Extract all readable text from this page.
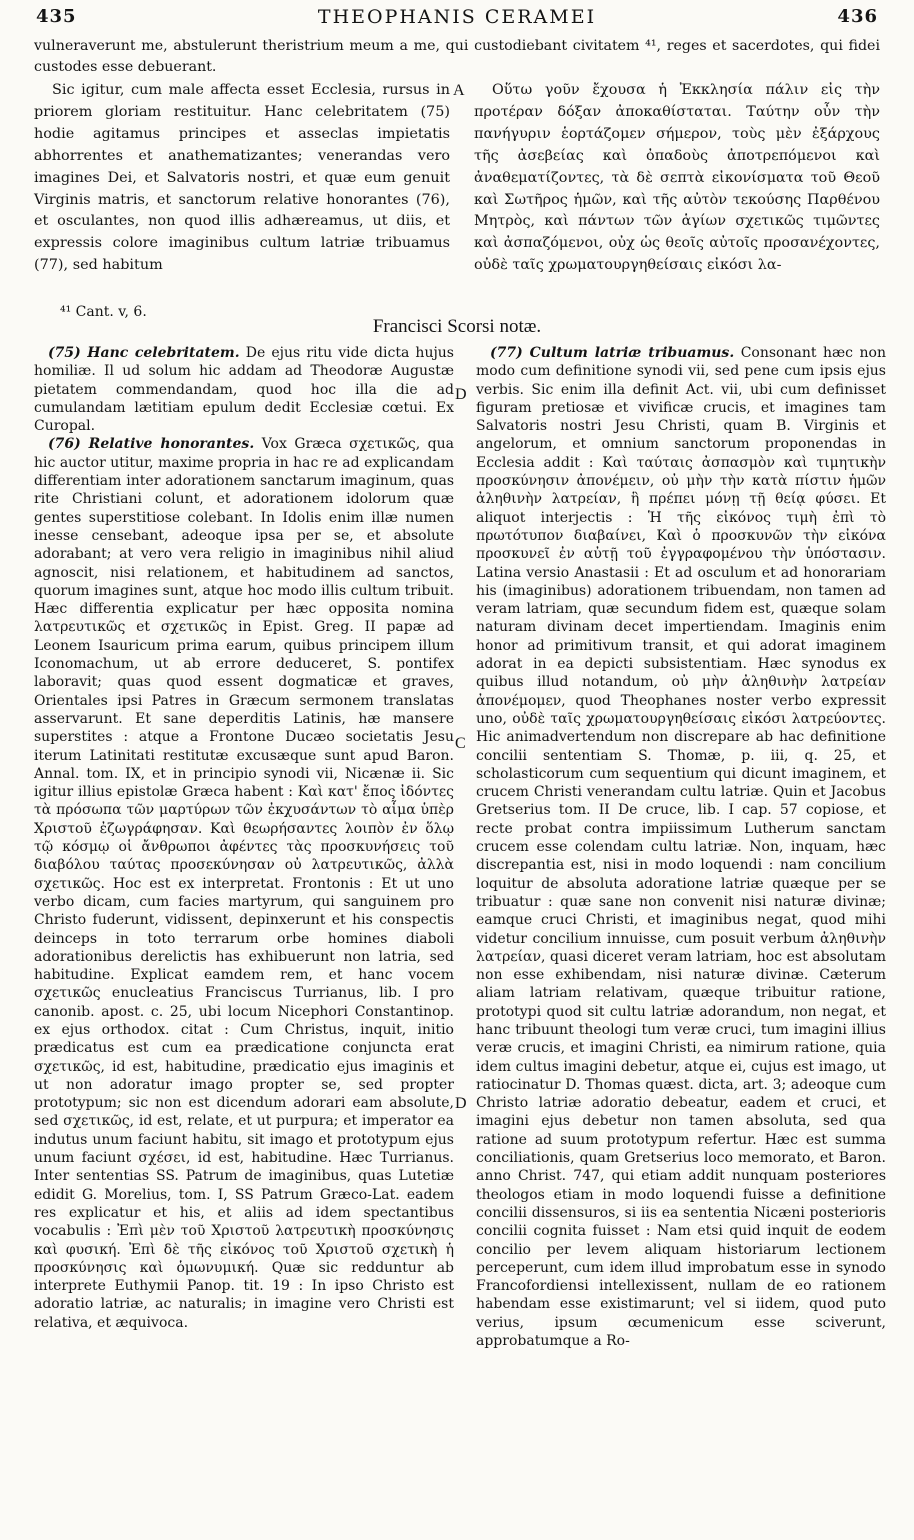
435	THEOPHANIS CERAMEI	436
vulneraverunt me, abstulerunt theristrium meum a me, qui custodiebant civitatem ⁴¹, reges et sacerdotes, qui fidei custodes esse debuerant.

Sic igitur, cum male affecta esset Ecclesia, rursus in priorem gloriam restituitur. Hanc celebritatem (75) hodie agitamus principes et asseclas impietatis abhorrentes et anathematizantes; venerandas vero imagines Dei, et Salvatoris nostri, et quæ eum genuit Virginis matris, et sanctorum relative honorantes (76), et osculantes, non quod illis adhæreamus, ut diis, et expressis colore imaginibus cultum latriæ tribuamus (77), sed habitum

A	Οὕτω γοῦν ἔχουσα ἡ Ἐκκλησία πάλιν εἰς τὴν προτέραν δόξαν ἀποκαθίσταται. Ταύτην οὖν τὴν πανήγυριν ἑορτάζομεν σήμερον, τοὺς μὲν ἐξάρχους τῆς ἀσεβείας καὶ ὀπαδοὺς ἀποτρεπόμενοι καὶ ἀναθεματίζοντες, τὰ δὲ σεπτὰ εἰκονίσματα τοῦ Θεοῦ καὶ Σωτῆρος ἡμῶν, καὶ τῆς αὐτὸν τεκούσης Παρθένου Μητρὸς, καὶ πάντων τῶν ἁγίων σχετικῶς τιμῶντες καὶ ἀσπαζόμενοι, οὐχ ὡς θεοῖς αὐτοῖς προσανέχοντες, οὐδὲ ταῖς χρωματουργηθείσαις εἰκόσι λα-

⁴¹ Cant. v, 6.
Francisci Scorsi notæ.
D
C
D

(75) Hanc celebritatem. De ejus ritu vide dicta hujus homiliæ. Il ud solum hic addam ad Theodoræ Augustæ pietatem commendandam, quod hoc illa die ad cumulandam lætitiam epulum dedit Ecclesiæ cœtui. Ex Curopal.

(76) Relative honorantes. Vox Græca σχετικῶς, qua hic auctor utitur, maxime propria in hac re ad explicandam differentiam inter adorationem sanctarum imaginum, quas rite Christiani colunt, et adorationem idolorum quæ gentes superstitiose colebant. In Idolis enim illæ numen inesse censebant, adeoque ipsa per se, et absolute adorabant; at vero vera religio in imaginibus nihil aliud agnoscit, nisi relationem, et habitudinem ad sanctos, quorum imagines sunt, atque hoc modo illis cultum tribuit. Hæc differentia explicatur per hæc opposita nomina λατρευτικῶς et σχετικῶς in Epist. Greg. II papæ ad Leonem Isauricum prima earum, quibus principem illum Iconomachum, ut ab errore deduceret, S. pontifex laboravit; quas quod essent dogmaticæ et graves, Orientales ipsi Patres in Græcum sermonem translatas asservarunt. Et sane deperditis Latinis, hæ mansere superstites : atque a Frontone Ducæo societatis Jesu iterum Latinitati restitutæ excusæque sunt apud Baron. Annal. tom. IX, et in principio synodi vii, Nicænæ ii. Sic igitur illius epistolæ Græca habent : Καὶ κατ' ἔπος ἰδόντες τὰ πρόσωπα τῶν μαρτύρων τῶν ἐκχυσάντων τὸ αἷμα ὑπὲρ Χριστοῦ ἐζωγράφησαν. Καὶ θεωρήσαντες λοιπὸν ἐν ὅλῳ τῷ κόσμῳ οἱ ἄνθρωποι ἀφέντες τὰς προσκυνήσεις τοῦ διαβόλου ταύτας προσεκύνησαν οὐ λατρευτικῶς, ἀλλὰ σχετικῶς. Hoc est ex interpretat. Frontonis : Et ut uno verbo dicam, cum facies martyrum, qui sanguinem pro Christo fuderunt, vidissent, depinxerunt et his conspectis deinceps in toto terrarum orbe homines diaboli adorationibus derelictis has exhibuerunt non latria, sed habitudine. Explicat eamdem rem, et hanc vocem σχετικῶς enucleatius Franciscus Turrianus, lib. I pro canonib. apost. c. 25, ubi locum Nicephori Constantinop. ex ejus orthodox. citat : Cum Christus, inquit, initio prædicatus est cum ea prædicatione conjuncta erat σχετικῶς, id est, habitudine, prædicatio ejus imaginis et ut non adoratur imago propter se, sed propter prototypum; sic non est dicendum adorari eam absolute, sed σχετικῶς, id est, relate, et ut purpura; et imperator ea indutus unum faciunt habitu, sit imago et prototypum ejus unum faciunt σχέσει, id est, habitudine. Hæc Turrianus. Inter sententias SS. Patrum de imaginibus, quas Lutetiæ edidit G. Morelius, tom. I, SS Patrum Græco-Lat. eadem res explicatur et his, et aliis ad idem spectantibus vocabulis : Ἐπὶ μὲν τοῦ Χριστοῦ λατρευτικὴ προσκύνησις καὶ φυσική. Ἐπὶ δὲ τῆς εἰκόνος τοῦ Χριστοῦ σχετικὴ ἡ προσκύνησις καὶ ὁμωνυμική. Quæ sic redduntur ab interprete Euthymii Panop. tit. 19 : In ipso Christo est adoratio latriæ, ac naturalis; in imagine vero Christi est relativa, et æquivoca.

(77) Cultum latriæ tribuamus. Consonant hæc non modo cum definitione synodi vii, sed pene cum ipsis ejus verbis. Sic enim illa definit Act. vii, ubi cum definisset figuram pretiosæ et vivificæ crucis, et imagines tam Salvatoris nostri Jesu Christi, quam B. Virginis et angelorum, et omnium sanctorum proponendas in Ecclesia addit : Καὶ ταύταις ἀσπασμὸν καὶ τιμητικὴν προσκύνησιν ἀπονέμειν, οὐ μὴν τὴν κατὰ πίστιν ἡμῶν ἀληθινὴν λατρείαν, ἣ πρέπει μόνῃ τῇ θείᾳ φύσει. Et aliquot interjectis : Ἡ τῆς εἰκόνος τιμὴ ἐπὶ τὸ πρωτότυπον διαβαίνει, Καὶ ὁ προσκυνῶν τὴν εἰκόνα προσκυνεῖ ἐν αὐτῇ τοῦ ἐγγραφομένου τὴν ὑπόστασιν. Latina versio Anastasii : Et ad osculum et ad honorariam his (imaginibus) adorationem tribuendam, non tamen ad veram latriam, quæ secundum fidem est, quæque solam naturam divinam decet impertiendam. Imaginis enim honor ad primitivum transit, et qui adorat imaginem adorat in ea depicti subsistentiam. Hæc synodus ex quibus illud notandum, οὐ μὴν ἀληθινὴν λατρείαν ἀπονέμομεν, quod Theophanes noster verbo expressit uno, οὐδὲ ταῖς χρωματουργηθείσαις εἰκόσι λατρεύοντες. Hic animadvertendum non discrepare ab hac definitione concilii sententiam S. Thomæ, p. iii, q. 25, et scholasticorum cum sequentium qui dicunt imaginem, et crucem Christi venerandam cultu latriæ. Quin et Jacobus Gretserius tom. II De cruce, lib. I cap. 57 copiose, et recte probat contra impiissimum Lutherum sanctam crucem esse colendam cultu latriæ. Non, inquam, hæc discrepantia est, nisi in modo loquendi : nam concilium loquitur de absoluta adoratione latriæ quæque per se tribuatur : quæ sane non convenit nisi naturæ divinæ; eamque cruci Christi, et imaginibus negat, quod mihi videtur concilium innuisse, cum posuit verbum ἀληθινὴν λατρείαν, quasi diceret veram latriam, hoc est absolutam non esse exhibendam, nisi naturæ divinæ. Cæterum aliam latriam relativam, quæque tribuitur ratione, prototypi quod sit cultu latriæ adorandum, non negat, et hanc tribuunt theologi tum veræ cruci, tum imagini illius veræ crucis, et imagini Christi, ea nimirum ratione, quia idem cultus imagini debetur, atque ei, cujus est imago, ut ratiocinatur D. Thomas quæst. dicta, art. 3; adeoque cum Christo latriæ adoratio debeatur, eadem et cruci, et imagini ejus debetur non tamen absoluta, sed qua ratione ad suum prototypum refertur. Hæc est summa conciliationis, quam Gretserius loco memorato, et Baron. anno Christ. 747, qui etiam addit nunquam posteriores theologos etiam in modo loquendi fuisse a definitione concilii dissensuros, si iis ea sententia Nicæni posterioris concilii cognita fuisset : Nam etsi quid inquit de eodem concilio per levem aliquam historiarum lectionem perceperunt, cum idem illud improbatum esse in synodo Francofordiensi intellexissent, nullam de eo rationem habendam esse existimarunt; vel si iidem, quod puto verius, ipsum œcumenicum esse sciverunt, approbatumque a Ro-
